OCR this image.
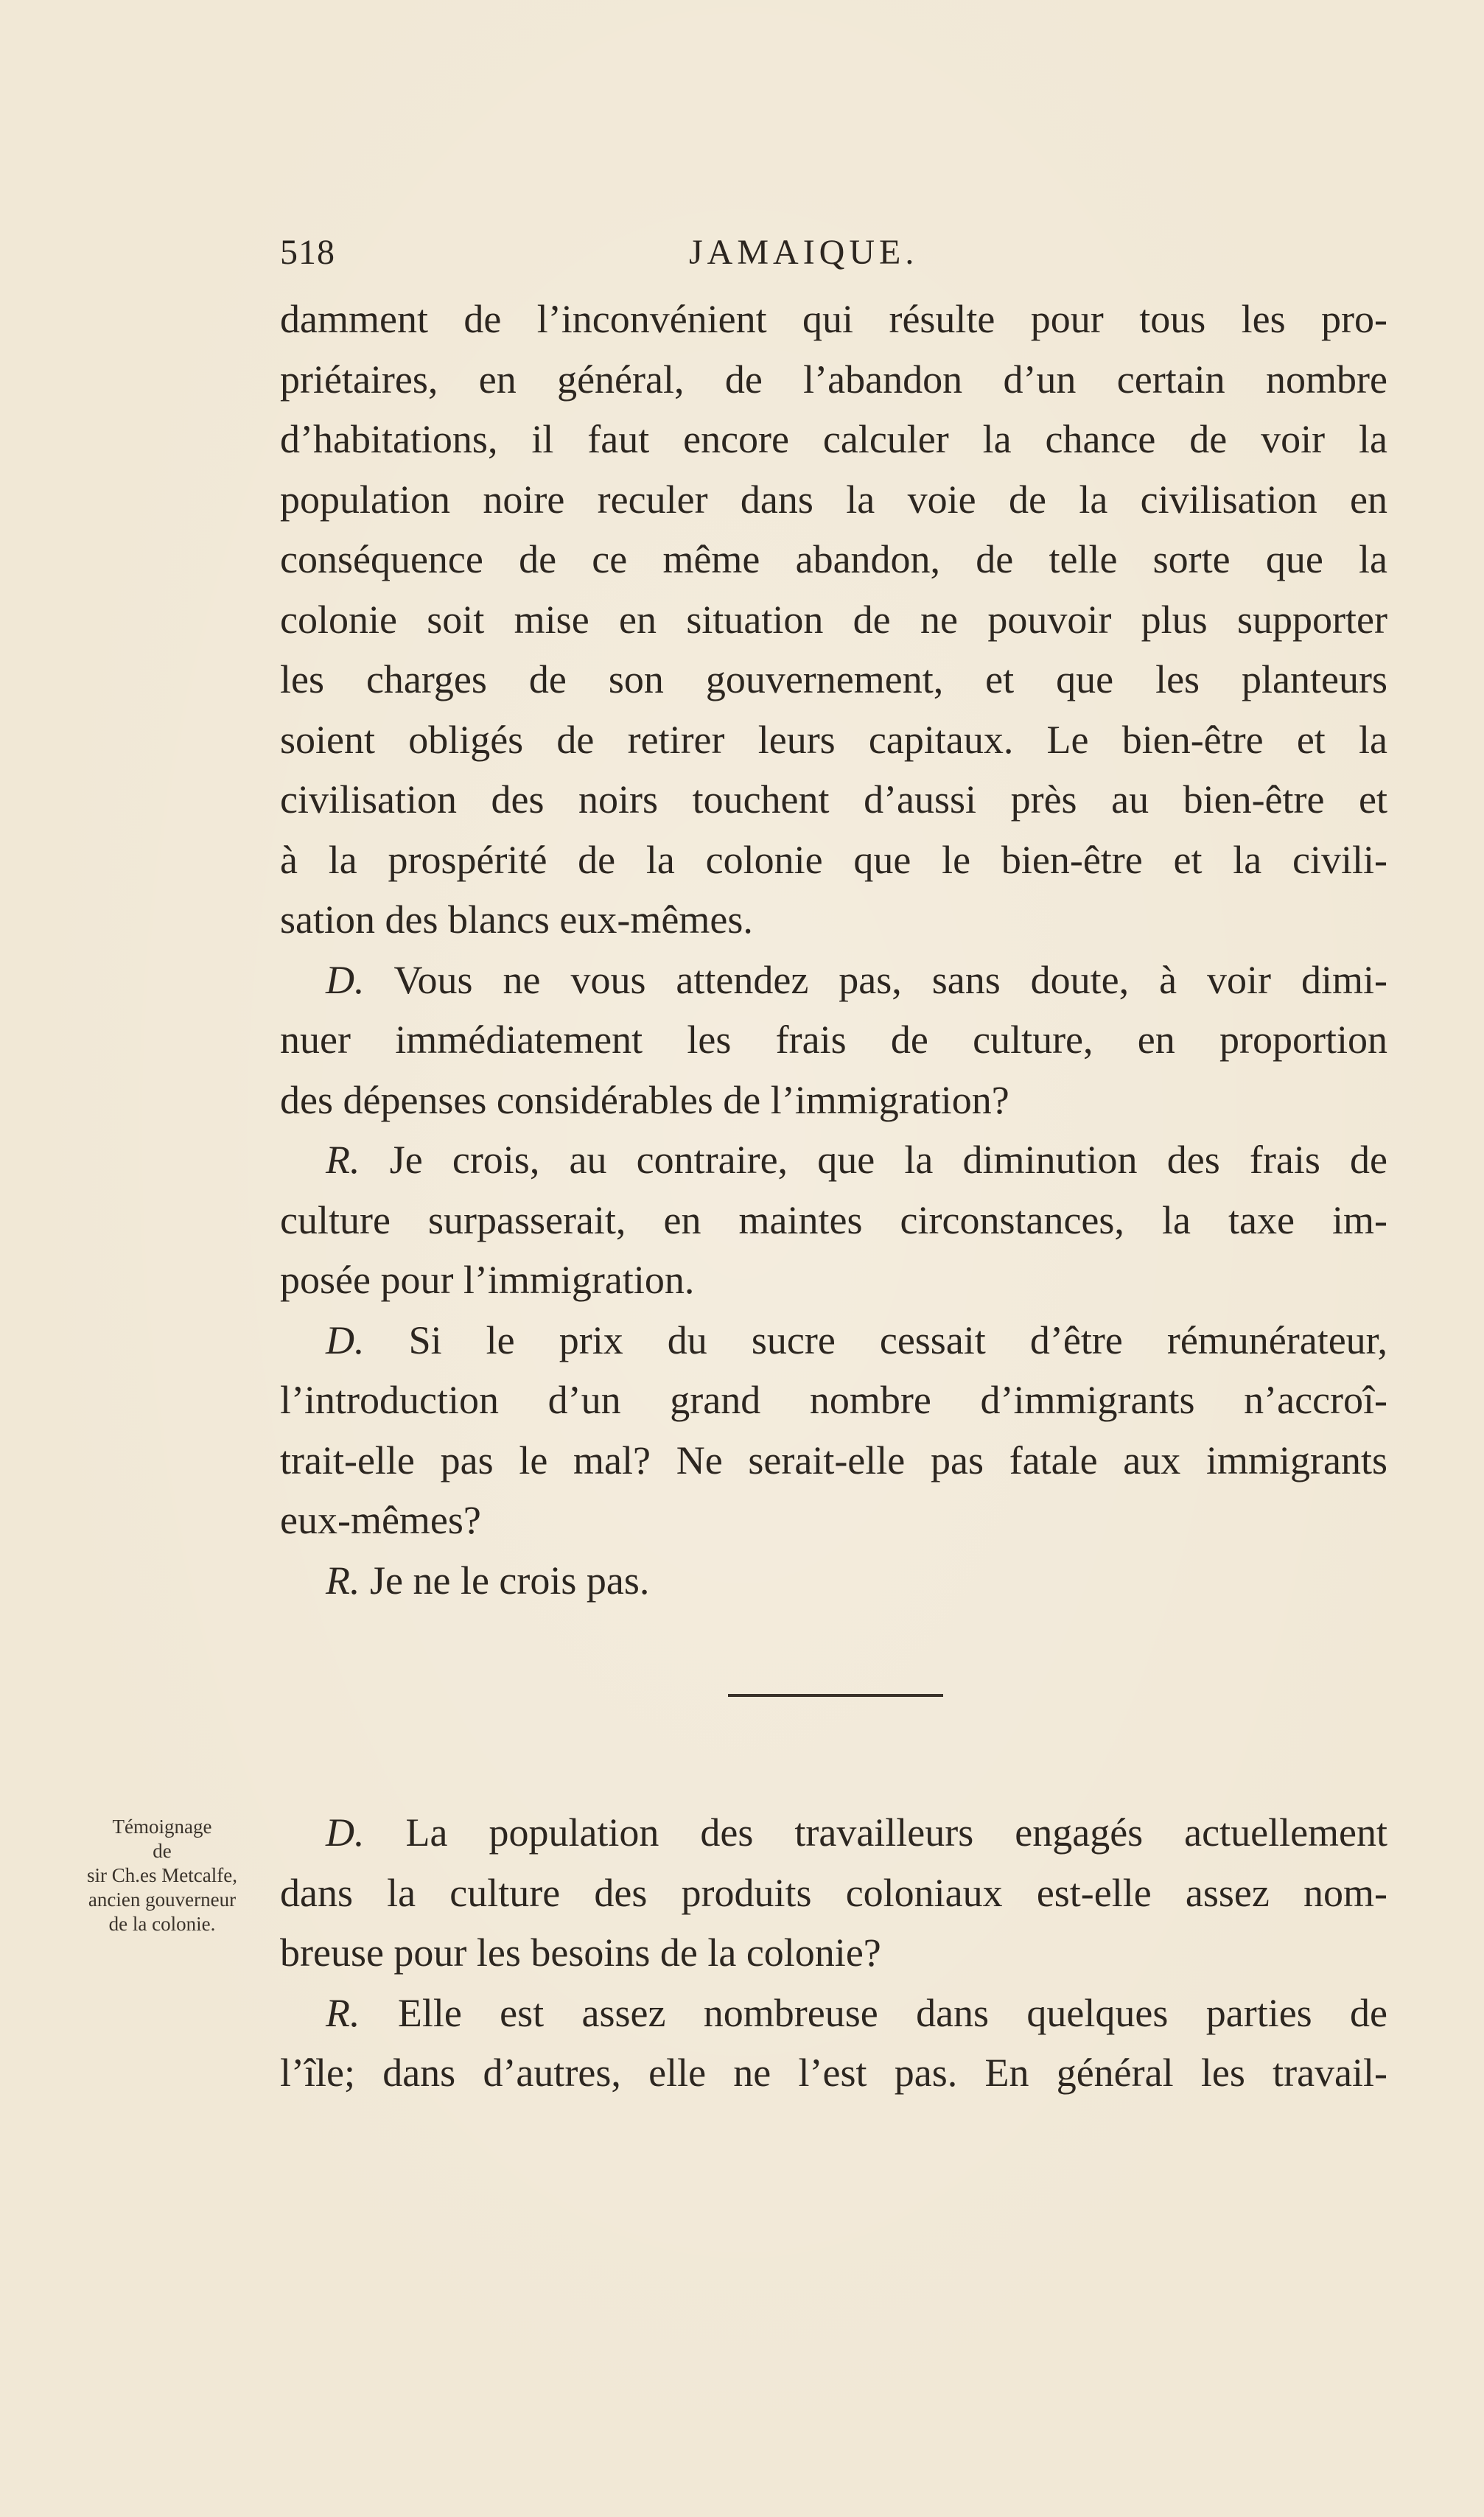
518	JAMAIQUE.
damment de l’inconvénient qui résulte pour tous les pro-
priétaires, en général, de l’abandon d’un certain nombre
d’habitations, il faut encore calculer la chance de voir la
population noire reculer dans la voie de la civilisation en
conséquence de ce même abandon, de telle sorte que la
colonie soit mise en situation de ne pouvoir plus supporter
les charges de son gouvernement, et que les planteurs
soient obligés de retirer leurs capitaux. Le bien-être et la
civilisation des noirs touchent d’aussi près au bien-être et
à la prospérité de la colonie que le bien-être et la civili-
sation des blancs eux-mêmes.
D. Vous ne vous attendez pas, sans doute, à voir dimi-
nuer immédiatement les frais de culture, en proportion
des dépenses considérables de l’immigration?
R. Je crois, au contraire, que la diminution des frais de
culture surpasserait, en maintes circonstances, la taxe im-
posée pour l’immigration.
D. Si le prix du sucre cessait d’être rémunérateur,
l’introduction d’un grand nombre d’immigrants n’accroî-
trait-elle pas le mal? Ne serait-elle pas fatale aux immigrants
eux-mêmes?
R. Je ne le crois pas.
Témoignage
de
sir Ch.es Metcalfe,
ancien gouverneur
de la colonie.
D. La population des travailleurs engagés actuellement
dans la culture des produits coloniaux est-elle assez nom-
breuse pour les besoins de la colonie?
R. Elle est assez nombreuse dans quelques parties de
l’île; dans d’autres, elle ne l’est pas. En général les travail-
